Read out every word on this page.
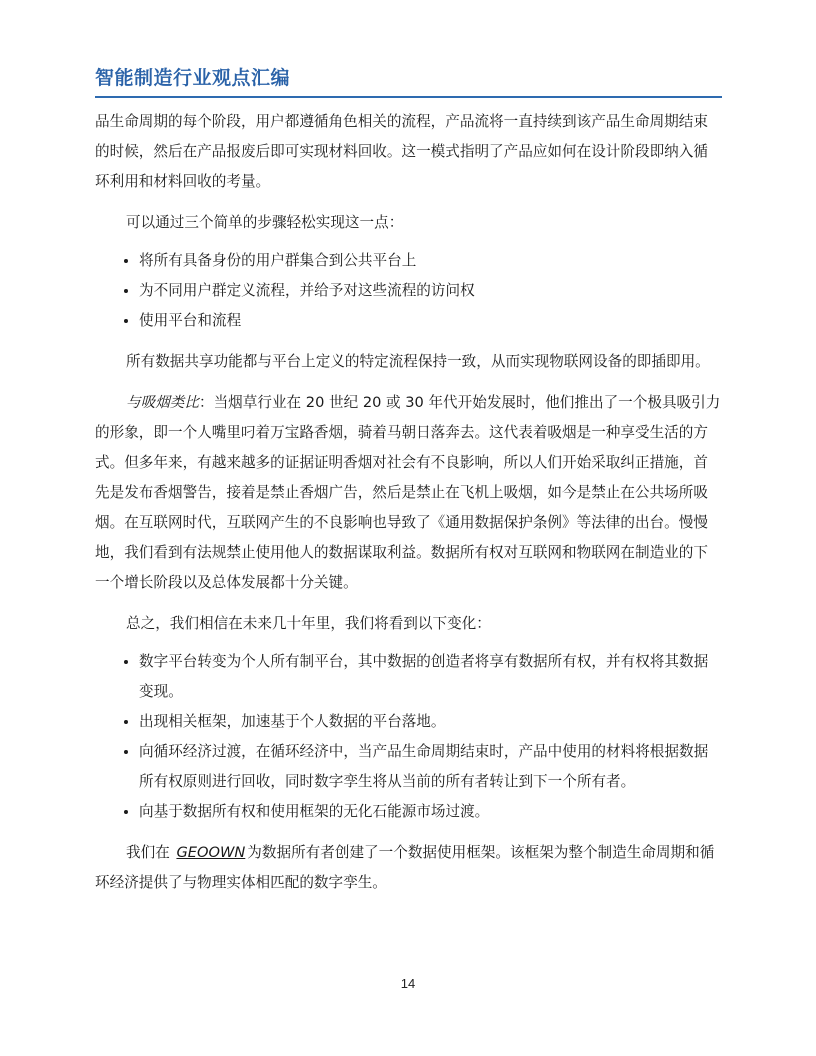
智能制造行业观点汇编

品生命周期的每个阶段，用户都遵循角色相关的流程，产品流将一直持续到该产品生命周期结束的时候，然后在产品报废后即可实现材料回收。这一模式指明了产品应如何在设计阶段即纳入循环利用和材料回收的考量。

可以通过三个简单的步骤轻松实现这一点：

• 将所有具备身份的用户群集合到公共平台上
• 为不同用户群定义流程，并给予对这些流程的访问权
• 使用平台和流程

所有数据共享功能都与平台上定义的特定流程保持一致，从而实现物联网设备的即插即用。

与吸烟类比：当烟草行业在 20 世纪 20 或 30 年代开始发展时，他们推出了一个极具吸引力的形象，即一个人嘴里叼着万宝路香烟，骑着马朝日落奔去。这代表着吸烟是一种享受生活的方式。但多年来，有越来越多的证据证明香烟对社会有不良影响，所以人们开始采取纠正措施，首先是发布香烟警告，接着是禁止香烟广告，然后是禁止在飞机上吸烟，如今是禁止在公共场所吸烟。在互联网时代，互联网产生的不良影响也导致了《通用数据保护条例》等法律的出台。慢慢地，我们看到有法规禁止使用他人的数据谋取利益。数据所有权对互联网和物联网在制造业的下一个增长阶段以及总体发展都十分关键。

总之，我们相信在未来几十年里，我们将看到以下变化：

• 数字平台转变为个人所有制平台，其中数据的创造者将享有数据所有权，并有权将其数据变现。
• 出现相关框架，加速基于个人数据的平台落地。
• 向循环经济过渡，在循环经济中，当产品生命周期结束时，产品中使用的材料将根据数据所有权原则进行回收，同时数字孪生将从当前的所有者转让到下一个所有者。
• 向基于数据所有权和使用框架的无化石能源市场过渡。

我们在 GEOOWN 为数据所有者创建了一个数据使用框架。该框架为整个制造生命周期和循环经济提供了与物理实体相匹配的数字孪生。

14
